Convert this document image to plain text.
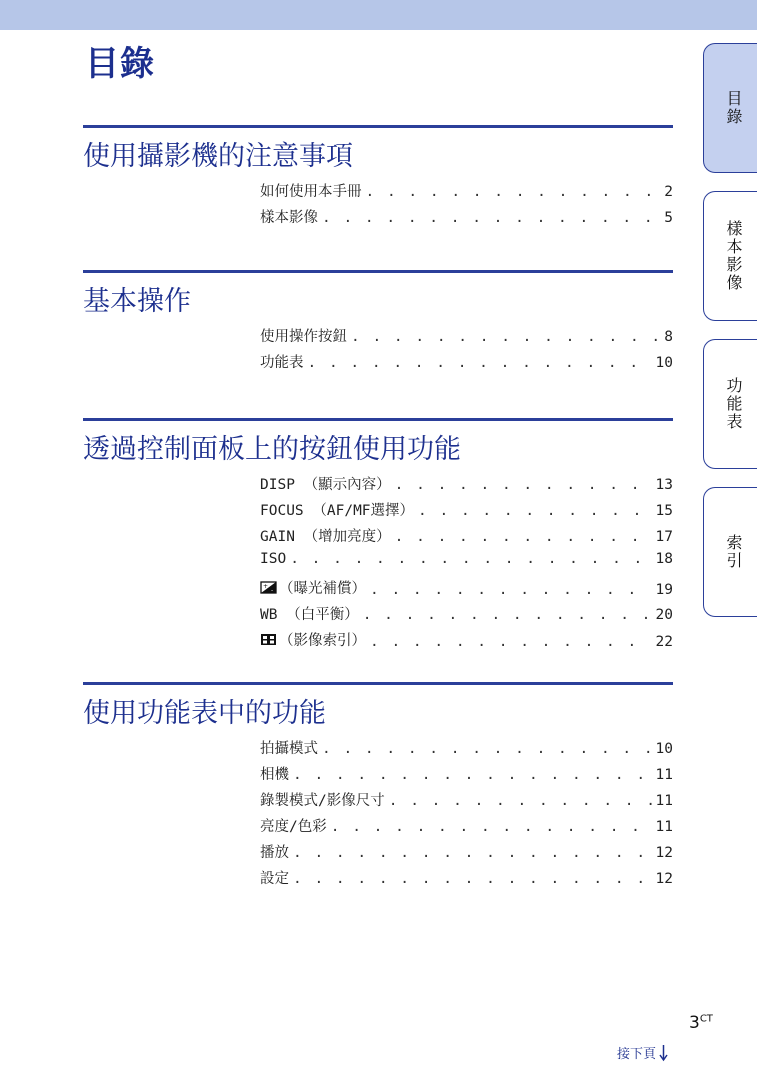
目錄
使用攝影機的注意事項
如何使用本手冊 . . .	2
樣本影像 . . .	5
基本操作
使用操作按鈕 . . .	8
功能表 . . .	10
透過控制面板上的按鈕使用功能
DISP （顯示內容） . . .	13
FOCUS （AF/MF選擇） . . .	15
GAIN （增加亮度） . . .	17
ISO . . .	18
+
- （曝光補償） . . .	19
WB （白平衡） . . .	20
（影像索引） . . .	22
使用功能表中的功能
拍攝模式 . . .	10
相機 . . .	11
錄製模式/影像尺寸 . . .	11
亮度/色彩 . . .	11
播放 . . .	12
設定 . . .	12
目錄
樣本影像
功能表
索引
$3^{CT}$
接下頁
